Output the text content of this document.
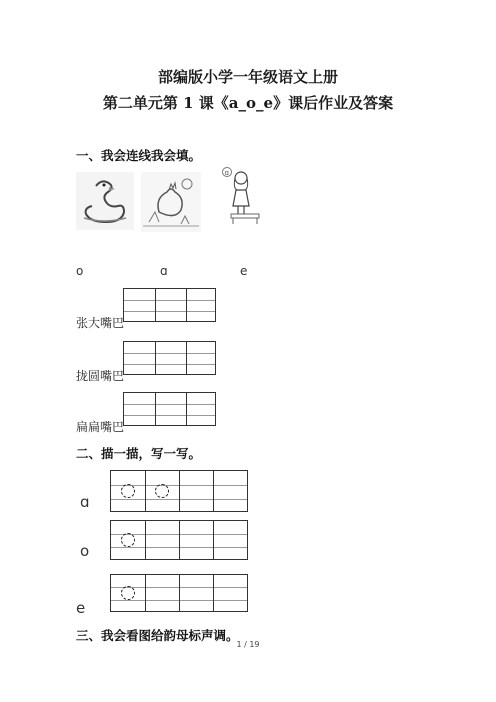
部编版小学一年级语文上册
第二单元第 1 课《a_o_e》课后作业及答案
一、我会连线我会填。
ɑ
o	ɑ	e
张大嘴巴
拢圆嘴巴
扁扁嘴巴
二、描一描，写一写。
ɑ
o
e
三、我会看图给韵母标声调。
1 / 19
